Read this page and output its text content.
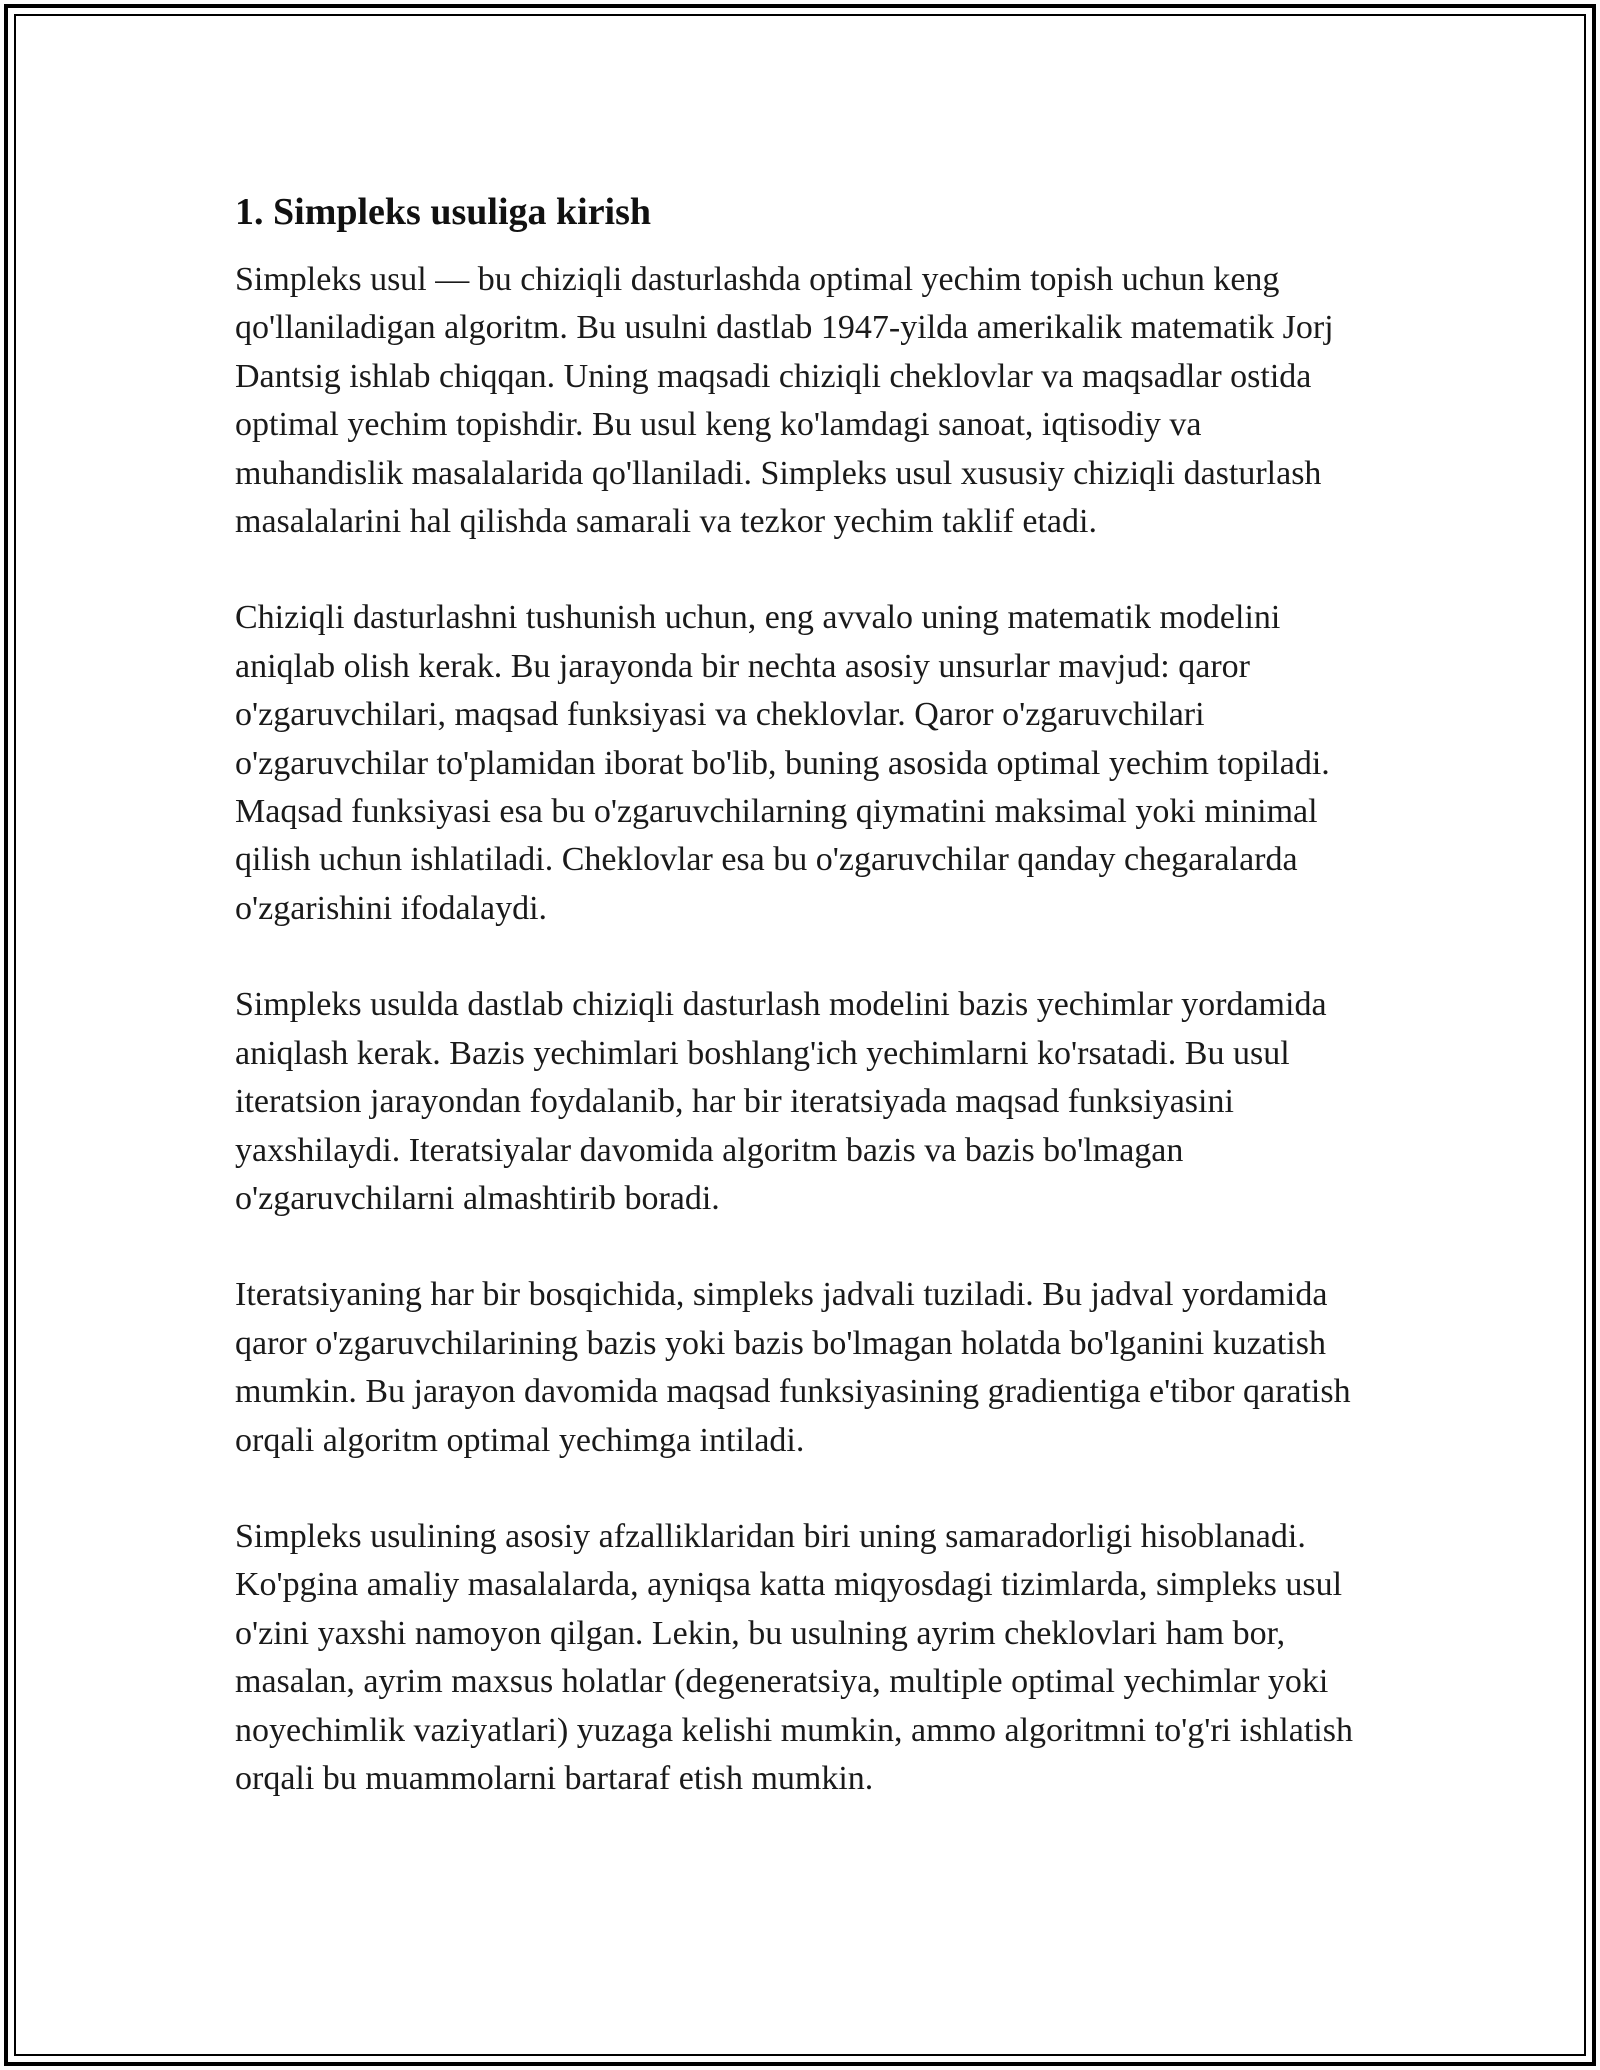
1. Simpleks usuliga kirish

Simpleks usul — bu chiziqli dasturlashda optimal yechim topish uchun keng qo'llaniladigan algoritm. Bu usulni dastlab 1947-yilda amerikalik matematik Jorj Dantsig ishlab chiqqan. Uning maqsadi chiziqli cheklovlar va maqsadlar ostida optimal yechim topishdir. Bu usul keng ko'lamdagi sanoat, iqtisodiy va muhandislik masalalarida qo'llaniladi. Simpleks usul xususiy chiziqli dasturlash masalalarini hal qilishda samarali va tezkor yechim taklif etadi.

Chiziqli dasturlashni tushunish uchun, eng avvalo uning matematik modelini aniqlab olish kerak. Bu jarayonda bir nechta asosiy unsurlar mavjud: qaror o'zgaruvchilari, maqsad funksiyasi va cheklovlar. Qaror o'zgaruvchilari o'zgaruvchilar to'plamidan iborat bo'lib, buning asosida optimal yechim topiladi. Maqsad funksiyasi esa bu o'zgaruvchilarning qiymatini maksimal yoki minimal qilish uchun ishlatiladi. Cheklovlar esa bu o'zgaruvchilar qanday chegaralarda o'zgarishini ifodalaydi.

Simpleks usulda dastlab chiziqli dasturlash modelini bazis yechimlar yordamida aniqlash kerak. Bazis yechimlari boshlang'ich yechimlarni ko'rsatadi. Bu usul iteratsion jarayondan foydalanib, har bir iteratsiyada maqsad funksiyasini yaxshilaydi. Iteratsiyalar davomida algoritm bazis va bazis bo'lmagan o'zgaruvchilarni almashtirib boradi.

Iteratsiyaning har bir bosqichida, simpleks jadvali tuziladi. Bu jadval yordamida qaror o'zgaruvchilarining bazis yoki bazis bo'lmagan holatda bo'lganini kuzatish mumkin. Bu jarayon davomida maqsad funksiyasining gradientiga e'tibor qaratish orqali algoritm optimal yechimga intiladi.

Simpleks usulining asosiy afzalliklaridan biri uning samaradorligi hisoblanadi. Ko'pgina amaliy masalalarda, ayniqsa katta miqyosdagi tizimlarda, simpleks usul o'zini yaxshi namoyon qilgan. Lekin, bu usulning ayrim cheklovlari ham bor, masalan, ayrim maxsus holatlar (degeneratsiya, multiple optimal yechimlar yoki noyechimlik vaziyatlari) yuzaga kelishi mumkin, ammo algoritmni to'g'ri ishlatish orqali bu muammolarni bartaraf etish mumkin.
